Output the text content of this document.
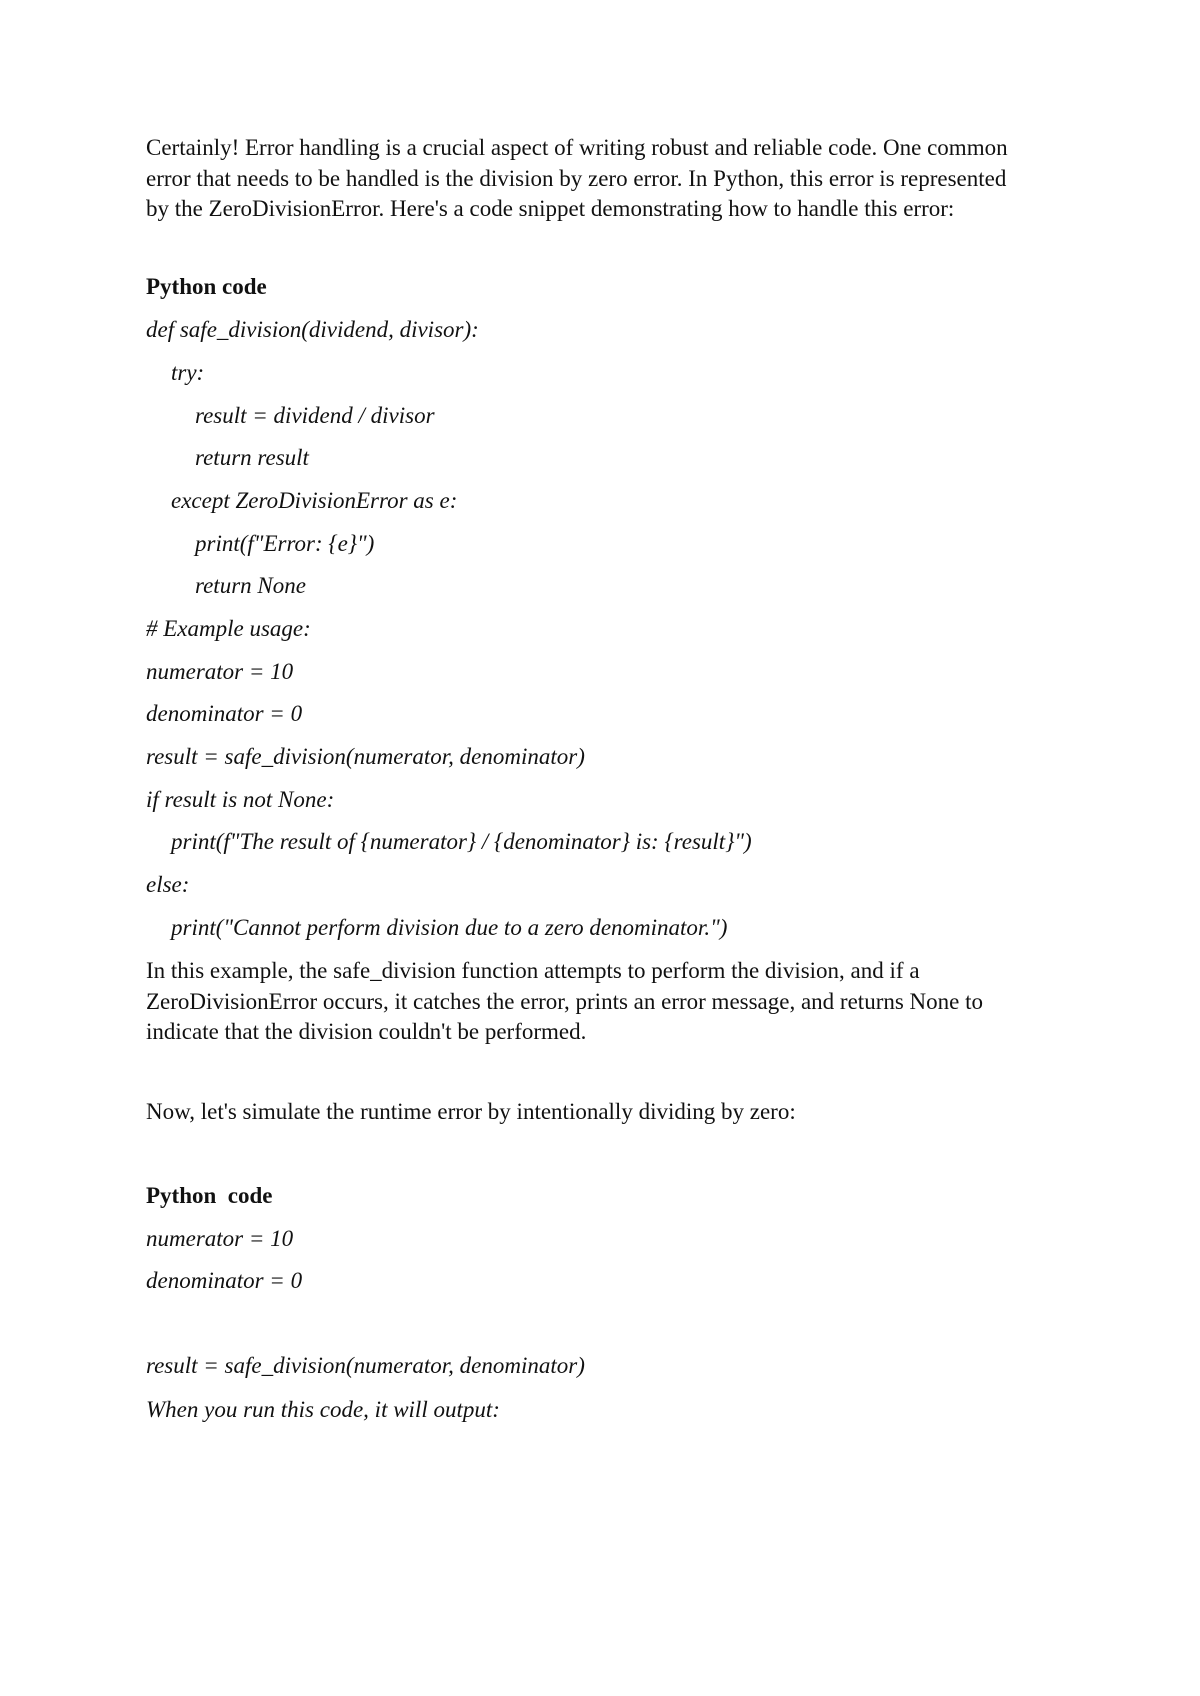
Certainly! Error handling is a crucial aspect of writing robust and reliable code. One common
error that needs to be handled is the division by zero error. In Python, this error is represented
by the ZeroDivisionError. Here's a code snippet demonstrating how to handle this error:
Python code
def safe_division(dividend, divisor):
try:
result = dividend / divisor
return result
except ZeroDivisionError as e:
print(f"Error: {e}")
return None
# Example usage:
numerator = 10
denominator = 0
result = safe_division(numerator, denominator)
if result is not None:
print(f"The result of {numerator} / {denominator} is: {result}")
else:
print("Cannot perform division due to a zero denominator.")
In this example, the safe_division function attempts to perform the division, and if a
ZeroDivisionError occurs, it catches the error, prints an error message, and returns None to
indicate that the division couldn't be performed.
Now, let's simulate the runtime error by intentionally dividing by zero:
Python  code
numerator = 10
denominator = 0
result = safe_division(numerator, denominator)
When you run this code, it will output:
